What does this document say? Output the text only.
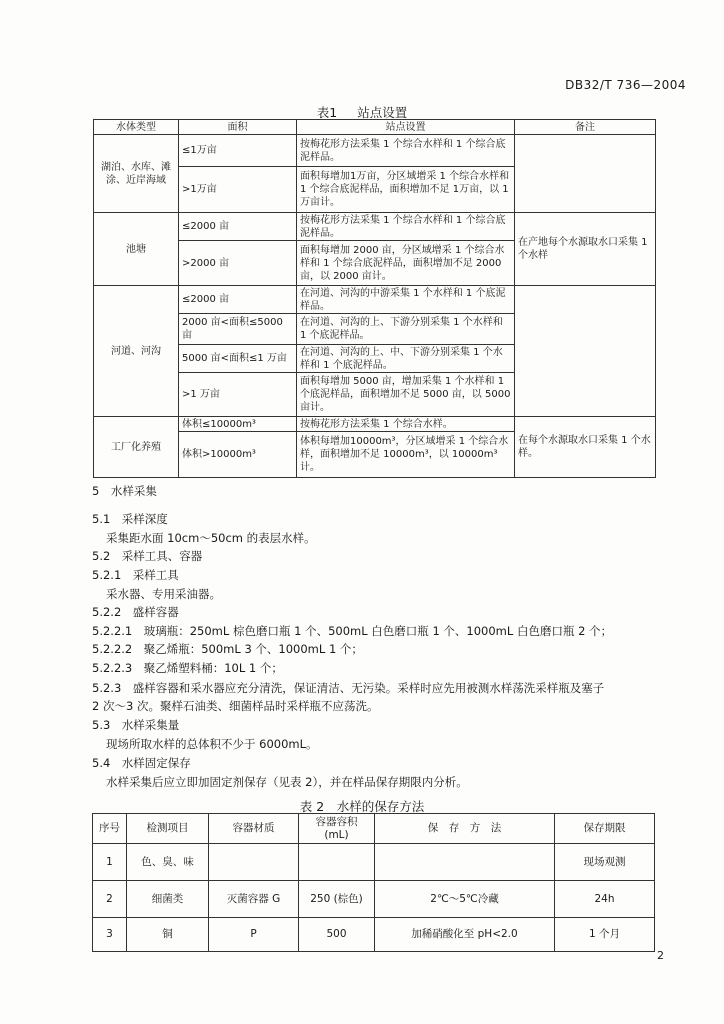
DB32/T 736—2004
表1 站点设置
水体类型	面积	站点设置	备注
湖泊、水库、滩涂、近岸海域	≤1万亩	按梅花形方法采集 1 个综合水样和 1 个综合底泥样品。	
	>1万亩	面积每增加1万亩，分区域增采 1 个综合水样和 1 个综合底泥样品，面积增加不足 1万亩，以 1万亩计。	
池塘	≤2000 亩	按梅花形方法采集 1 个综合水样和 1 个综合底泥样品。	在产地每个水源取水口采集 1 个水样
	>2000 亩	面积每增加 2000 亩，分区域增采 1 个综合水样和 1 个综合底泥样品，面积增加不足 2000 亩，以 2000 亩计。	
河道、河沟	≤2000 亩	在河道、河沟的中游采集 1 个水样和 1 个底泥样品。	
	2000 亩<面积≤5000 亩	在河道、河沟的上、下游分别采集 1 个水样和 1 个底泥样品。	
	5000 亩<面积≤1 万亩	在河道、河沟的上、中、下游分别采集 1 个水样和 1 个底泥样品。	
	>1 万亩	面积每增加 5000 亩，增加采集 1 个水样和 1 个底泥样品，面积增加不足 5000 亩，以 5000 亩计。	
工厂化养殖	体积≤10000m³	按梅花形方法采集 1 个综合水样。	在每个水源取水口采集 1 个水样。
	体积>10000m³	体积每增加10000m³，分区域增采 1 个综合水样，面积增加不足 10000m³，以 10000m³ 计。	
5　水样采集
5.1　采样深度
采集距水面 10cm～50cm 的表层水样。
5.2　采样工具、容器
5.2.1　采样工具
采水器、专用采油器。
5.2.2　盛样容器
5.2.2.1　玻璃瓶：250mL 棕色磨口瓶 1 个、500mL 白色磨口瓶 1 个、1000mL 白色磨口瓶 2 个；
5.2.2.2　聚乙烯瓶：500mL 3 个、1000mL 1 个；
5.2.2.3　聚乙烯塑料桶：10L 1 个；
5.2.3　盛样容器和采水器应充分清洗，保证清洁、无污染。采样时应先用被测水样荡洗采样瓶及塞子
2 次～3 次。聚样石油类、细菌样品时采样瓶不应荡洗。
5.3　水样采集量
现场所取水样的总体积不少于 6000mL。
5.4　水样固定保存
水样采集后应立即加固定剂保存（见表 2），并在样品保存期限内分析。
表 2　水样的保存方法
序号	检测项目	容器材质	容器容积 (mL)	保　存　方　法	保存期限
1	色、臭、味				现场观测
2	细菌类	灭菌容器 G	250 (棕色)	2℃～5℃冷藏	24h
3	铜	P	500	加稀硝酸化至 pH<2.0	1 个月
2
